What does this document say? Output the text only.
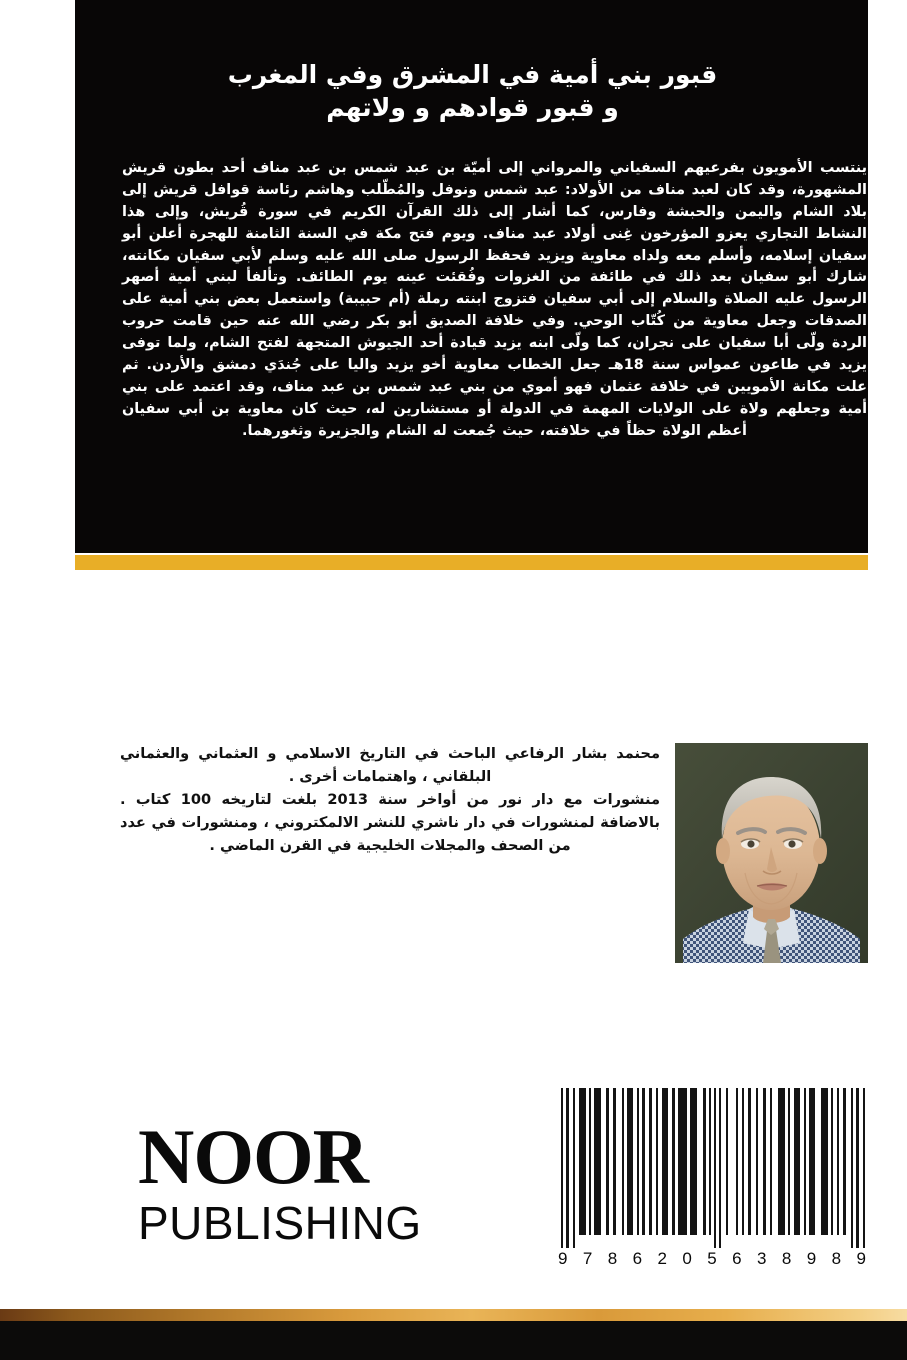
قبور بني أمية في المشرق وفي المغرب
و قبور قوادهم و ولاتهم
ينتسب الأمويون بفرعيهم السفياني والمرواني إلى أميّة بن عبد شمس بن عبد مناف أحد بطون قريش المشهورة، وقد كان لعبد مناف من الأولاد: عبد شمس ونوفل والمُطّلب وهاشم رئاسة قوافل قريش إلى بلاد الشام واليمن والحبشة وفارس، كما أشار إلى ذلك القرآن الكريم في سورة قُريش، وإلى هذا النشاط التجاري يعزو المؤرخون غِنى أولاد عبد مناف. ويوم فتح مكة في السنة الثامنة للهجرة أعلن أبو سفيان إسلامه، وأسلم معه ولداه معاوية ويزيد فحفظ الرسول صلى الله عليه وسلم لأبي سفيان مكانته، شارك أبو سفيان بعد ذلك في طائفة من الغزوات وفُقئت عينه يوم الطائف. وتألفأ لبني أمية أصهر الرسول عليه الصلاة والسلام إلى أبي سفيان فتزوج ابنته رملة (أم حبيبة) واستعمل بعض بني أمية على الصدقات وجعل معاوية من كُتّاب الوحي. وفي خلافة الصديق أبو بكر رضي الله عنه حين قامت حروب الردة ولّى أبا سفيان على نجران، كما ولّى ابنه يزيد قيادة أحد الجيوش المتجهة لفتح الشام، ولما توفى يزيد في طاعون عمواس سنة 18هـ جعل الخطاب معاوية أخو يزيد واليا على جُندَي دمشق والأردن. ثم علت مكانة الأمويين في خلافة عثمان فهو أموي من بني عبد شمس بن عبد مناف، وقد اعتمد على بني أمية وجعلهم ولاة على الولايات المهمة في الدولة أو مستشارين له، حيث كان معاوية بن أبي سفيان أعظم الولاة حظاً في خلافته، حيث جُمعت له الشام والجزيرة وثغورهما.

محنمد بشار الرفاعي الباحث في التاريخ الاسلامي و العثماني والعثماني البلقاني ، واهتمامات أخرى .

منشورات مع دار نور من أواخر سنة 2013 بلغت لتاريخه 100 كتاب . بالاضافة لمنشورات في دار ناشري للنشر الالمكتروني ، ومنشورات في عدد من الصحف والمجلات الخليجية في القرن الماضي .

NOOR
PUBLISHING
9 7 8 6 2 0 5 6 3 8 9 8 9
